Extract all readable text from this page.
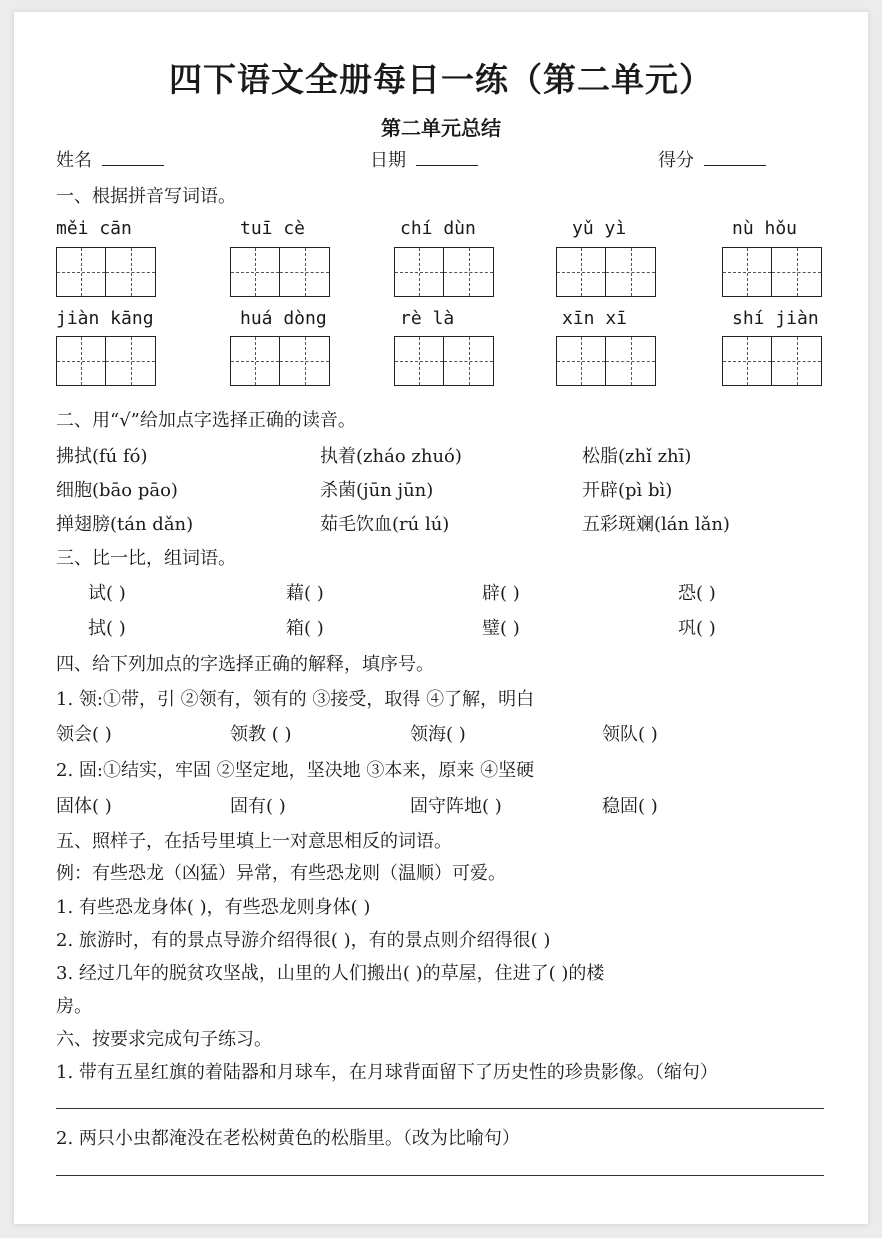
四下语文全册每日一练（第二单元）
第二单元总结
姓名	日期	得分
一、根据拼音写词语。
měi cān	tuī cè	chí dùn	yǔ yì	nù hǒu
jiàn kāng	huá dòng	rè là	xīn xī	shí jiàn
二、用“√”给加点字选择正确的读音。
拂拭(fú fó)	执着(zháo zhuó)	松脂(zhǐ zhī)
细胞(bāo pāo)	杀菌(jūn jūn)	开辟(pì bì)
掸翅膀(tán dǎn)	茹毛饮血(rú lú)	五彩斑斓(lán lǎn)
三、比一比，组词语。
试( )	藉( )	辟( )	恐( )
拭( )	箱( )	璧( )	巩( )
四、给下列加点的字选择正确的解释，填序号。
1. 领:①带，引 ②领有，领有的 ③接受，取得 ④了解，明白
领会( )	领教 ( )	领海( )	领队( )
2. 固:①结实，牢固 ②坚定地，坚决地 ③本来，原来 ④坚硬
固体( )	固有( )	固守阵地( )	稳固( )
五、照样子，在括号里填上一对意思相反的词语。
例：有些恐龙（凶猛）异常，有些恐龙则（温顺）可爱。
1. 有些恐龙身体( )，有些恐龙则身体( )
2. 旅游时，有的景点导游介绍得很( )，有的景点则介绍得很( )
3. 经过几年的脱贫攻坚战，山里的人们搬出( )的草屋，住进了( )的楼
房。
六、按要求完成句子练习。
1. 带有五星红旗的着陆器和月球车，在月球背面留下了历史性的珍贵影像。（缩句）
2. 两只小虫都淹没在老松树黄色的松脂里。（改为比喻句）
